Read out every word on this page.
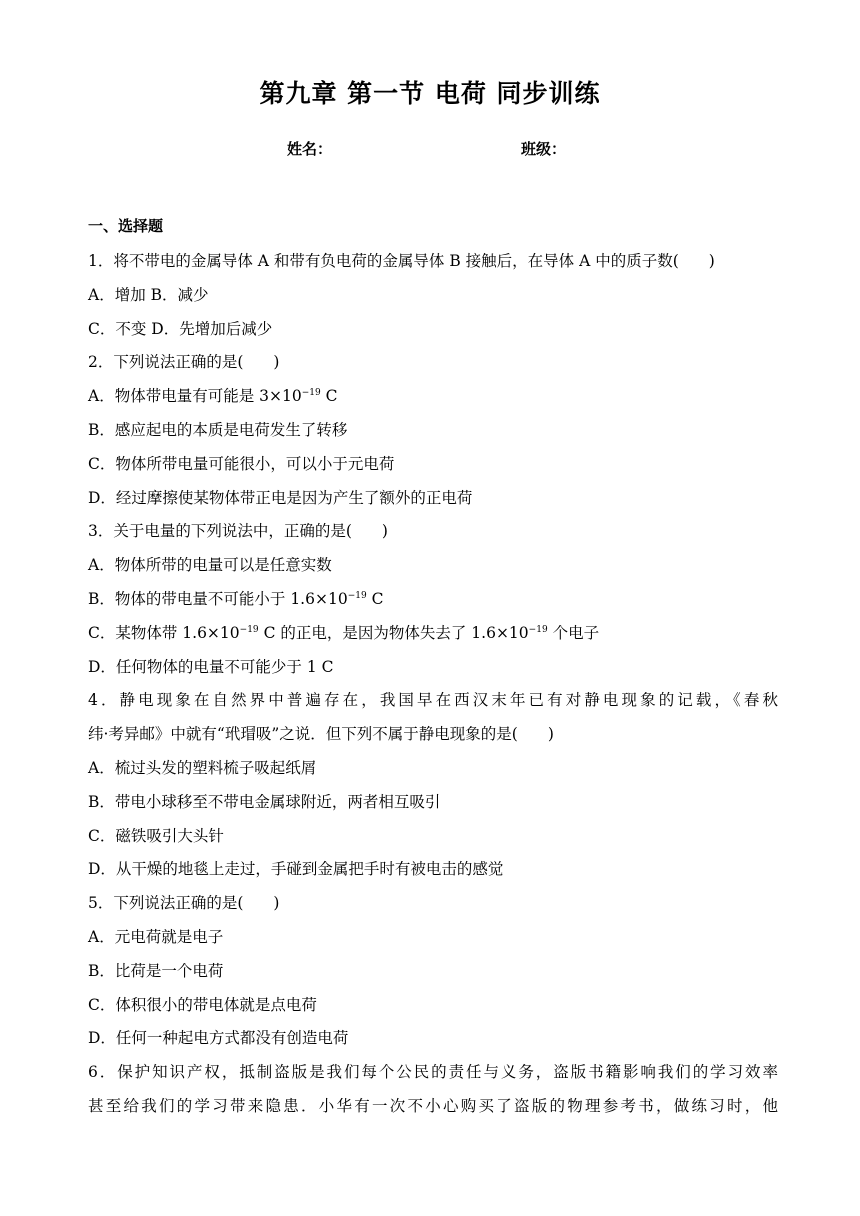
第九章 第一节 电荷 同步训练
姓名：	班级：
一、选择题
1．将不带电的金属导体 A 和带有负电荷的金属导体 B 接触后，在导体 A 中的质子数( )
A．增加 B．减少
C．不变 D．先增加后减少
2．下列说法正确的是( )
A．物体带电量有可能是 $3\times 10^{-19}$ C
B．感应起电的本质是电荷发生了转移
C．物体所带电量可能很小，可以小于元电荷
D．经过摩擦使某物体带正电是因为产生了额外的正电荷
3．关于电量的下列说法中，正确的是( )
A．物体所带的电量可以是任意实数
B．物体的带电量不可能小于 $1.6\times 10^{-19}$ C
C．某物体带 $1.6\times 10^{-19}$ C 的正电，是因为物体失去了 $1.6\times 10^{-19}$ 个电子
D．任何物体的电量不可能少于 1 C
4．静电现象在自然界中普遍存在，我国早在西汉末年已有对静电现象的记载，《春秋
纬·考异邮》中就有“玳瑁吸”之说．但下列不属于静电现象的是( )
A．梳过头发的塑料梳子吸起纸屑
B．带电小球移至不带电金属球附近，两者相互吸引
C．磁铁吸引大头针
D．从干燥的地毯上走过，手碰到金属把手时有被电击的感觉
5．下列说法正确的是( )
A．元电荷就是电子
B．比荷是一个电荷
C．体积很小的带电体就是点电荷
D．任何一种起电方式都没有创造电荷
6．保护知识产权，抵制盗版是我们每个公民的责任与义务，盗版书籍影响我们的学习效率
甚至给我们的学习带来隐患．小华有一次不小心购买了盗版的物理参考书，做练习时，他
